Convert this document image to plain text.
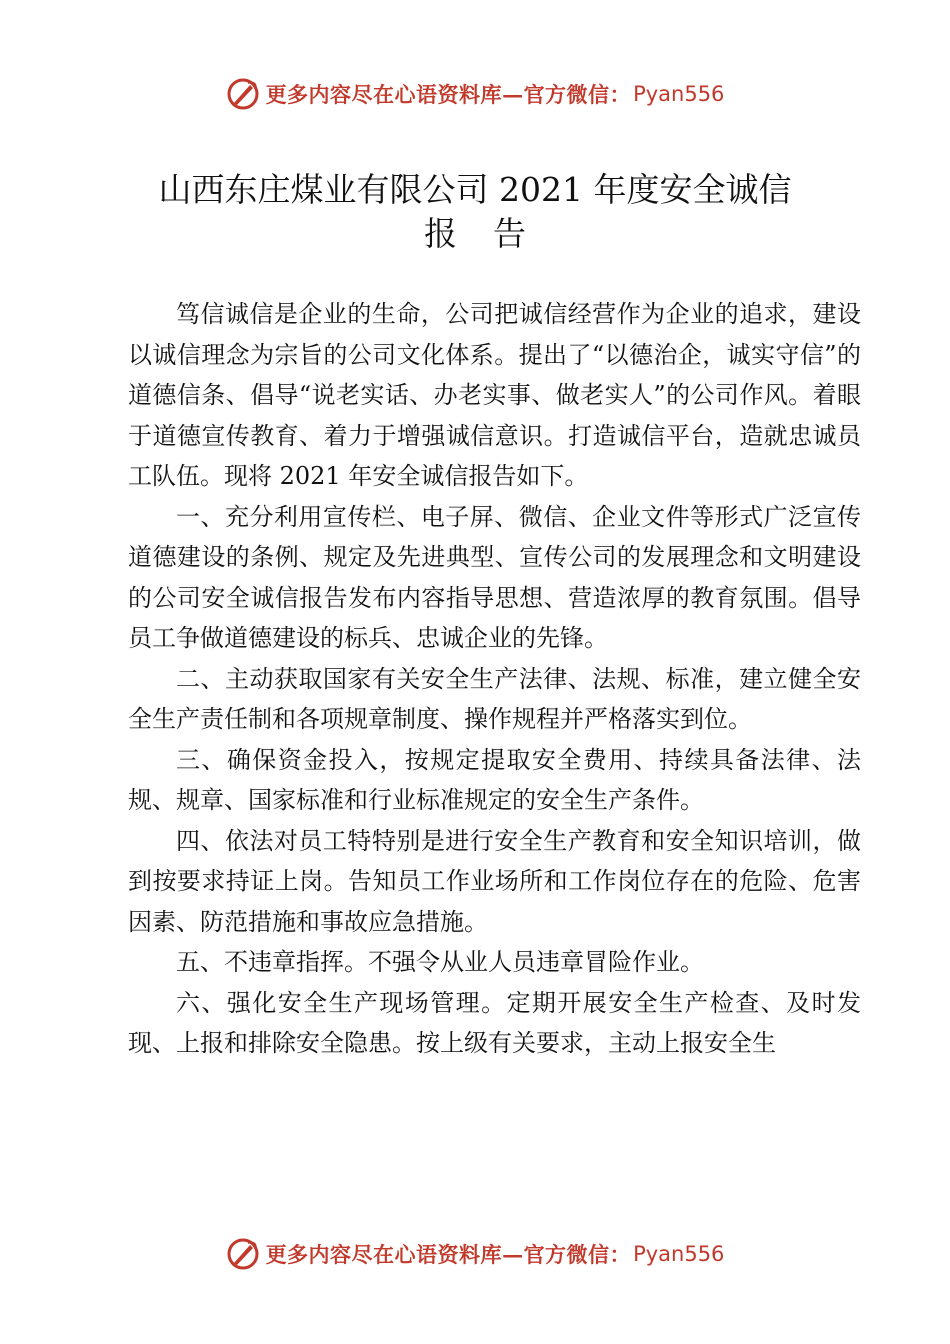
更多内容尽在心语资料库 — 官方微信： Pyan556
山西东庄煤业有限公司 2021 年度安全诚信
报告

笃信诚信是企业的生命，公司把诚信经营作为企业的追求，建设以诚信理念为宗旨的公司文化体系。提出了“以德治企，诚实守信”的道德信条、倡导“说老实话、办老实事、做老实人”的公司作风。着眼于道德宣传教育、着力于增强诚信意识。打造诚信平台，造就忠诚员工队伍。现将 2021 年安全诚信报告如下。

一、充分利用宣传栏、电子屏、微信、企业文件等形式广泛宣传道德建设的条例、规定及先进典型、宣传公司的发展理念和文明建设的公司安全诚信报告发布内容指导思想、营造浓厚的教育氛围。倡导员工争做道德建设的标兵、忠诚企业的先锋。

二、主动获取国家有关安全生产法律、法规、标准，建立健全安全生产责任制和各项规章制度、操作规程并严格落实到位。

三、确保资金投入，按规定提取安全费用、持续具备法律、法规、规章、国家标准和行业标准规定的安全生产条件。

四、依法对员工特特别是进行安全生产教育和安全知识培训，做到按要求持证上岗。告知员工作业场所和工作岗位存在的危险、危害因素、防范措施和事故应急措施。

五、不违章指挥。不强令从业人员违章冒险作业。

六、强化安全生产现场管理。定期开展安全生产检查、及时发现、上报和排除安全隐患。按上级有关要求，主动上报安全生

更多内容尽在心语资料库 — 官方微信： Pyan556
